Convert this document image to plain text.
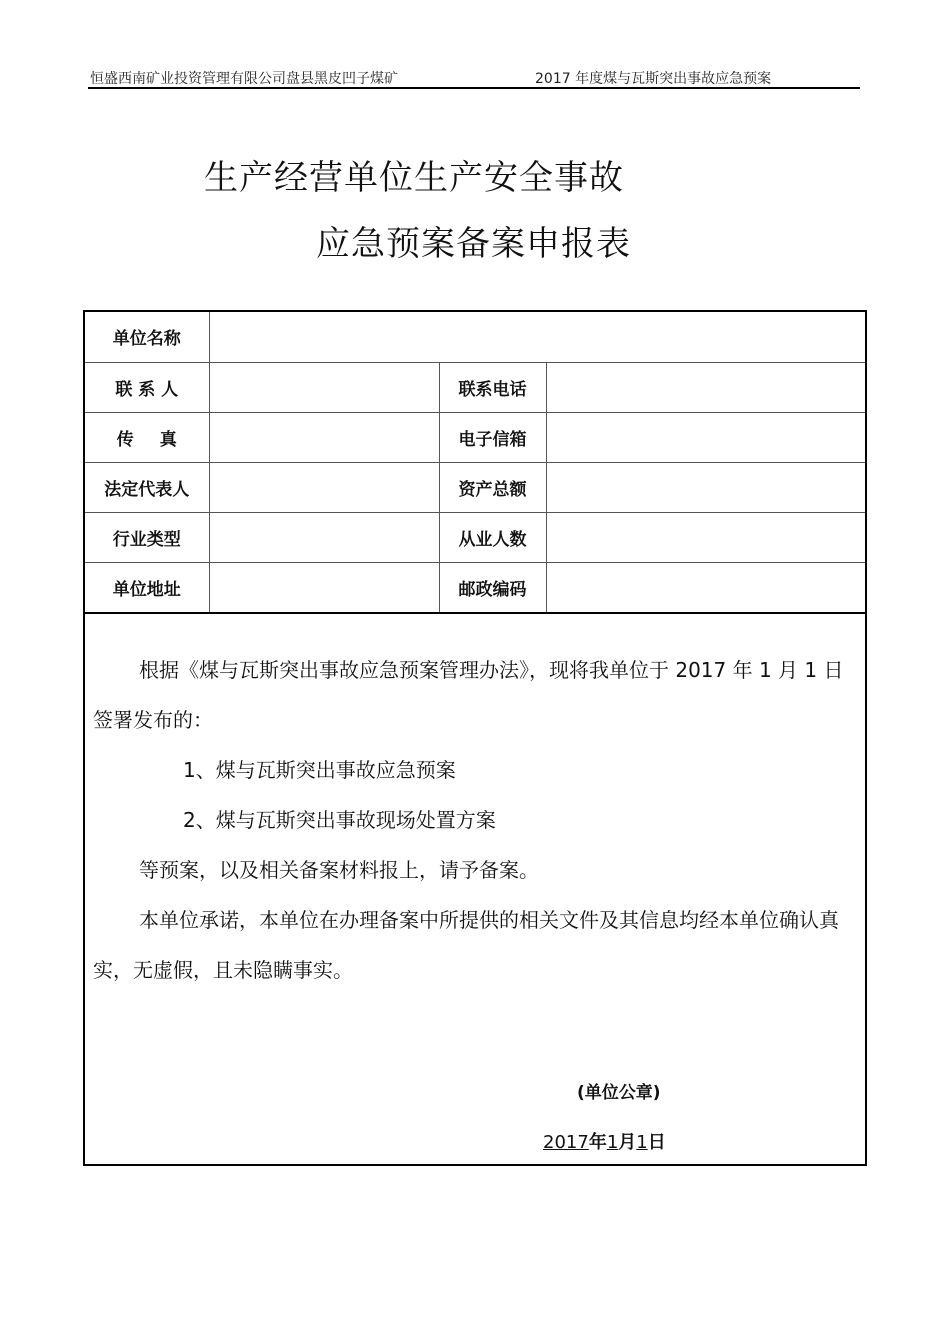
恒盛西南矿业投资管理有限公司盘县黑皮凹子煤矿	2017 年度煤与瓦斯突出事故应急预案
生产经营单位生产安全事故
应急预案备案申报表
单位名称			
联 系 人		联系电话	
传 真		电子信箱	
法定代表人		资产总额	
行业类型		从业人数	
单位地址		邮政编码	

根据《煤与瓦斯突出事故应急预案管理办法》，现将我单位于 2017 年 1 月 1 日签署发布的：

1、煤与瓦斯突出事故应急预案

2、煤与瓦斯突出事故现场处置方案

等预案，以及相关备案材料报上，请予备案。

本单位承诺，本单位在办理备案中所提供的相关文件及其信息均经本单位确认真实，无虚假，且未隐瞒事实。

(单位公章)
2017年1月1日
